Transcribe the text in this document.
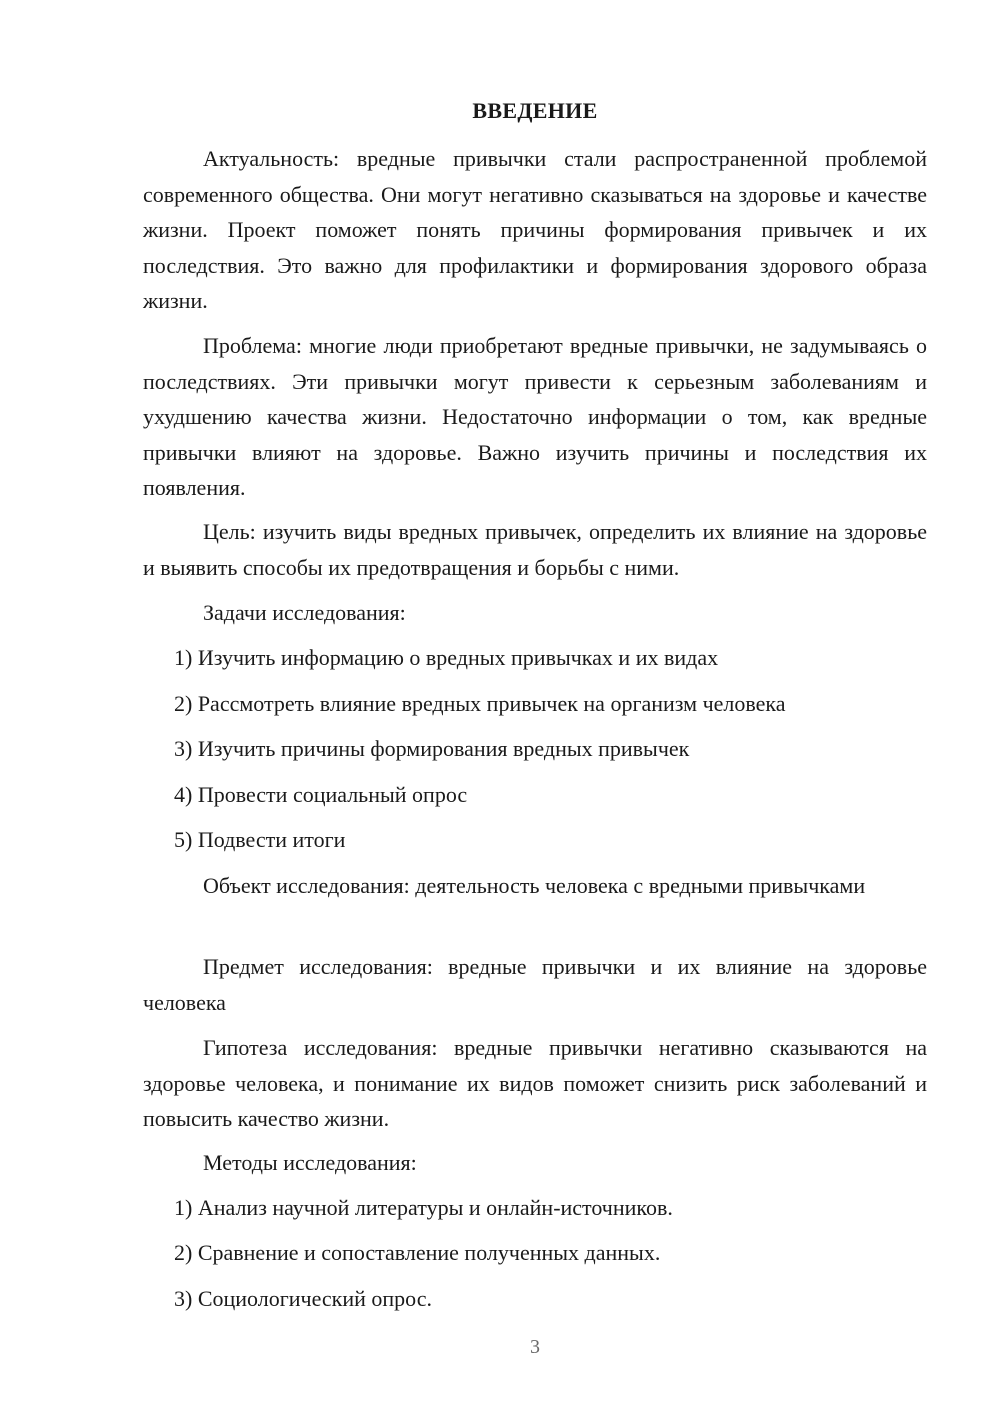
ВВЕДЕНИЕ

Актуальность: вредные привычки стали распространенной проблемой современного общества. Они могут негативно сказываться на здоровье и качестве жизни. Проект поможет понять причины формирования привычек и их последствия. Это важно для профилактики и формирования здорового образа жизни.

Проблема: многие люди приобретают вредные привычки, не задумываясь о последствиях. Эти привычки могут привести к серьезным заболеваниям и ухудшению качества жизни. Недостаточно информации о том, как вредные привычки влияют на здоровье. Важно изучить причины и последствия их появления.

Цель: изучить виды вредных привычек, определить их влияние на здоровье и выявить способы их предотвращения и борьбы с ними.

Задачи исследования:

1) Изучить информацию о вредных привычках и их видах

2) Рассмотреть влияние вредных привычек на организм человека

3) Изучить причины формирования вредных привычек

4) Провести социальный опрос

5) Подвести итоги

Объект исследования: деятельность человека с вредными привычками

Предмет исследования: вредные привычки и их влияние на здоровье человека

Гипотеза исследования: вредные привычки негативно сказываются на здоровье человека, и понимание их видов поможет снизить риск заболеваний и повысить качество жизни.

Методы исследования:

1) Анализ научной литературы и онлайн-источников.

2) Сравнение и сопоставление полученных данных.

3) Социологический опрос.

3
